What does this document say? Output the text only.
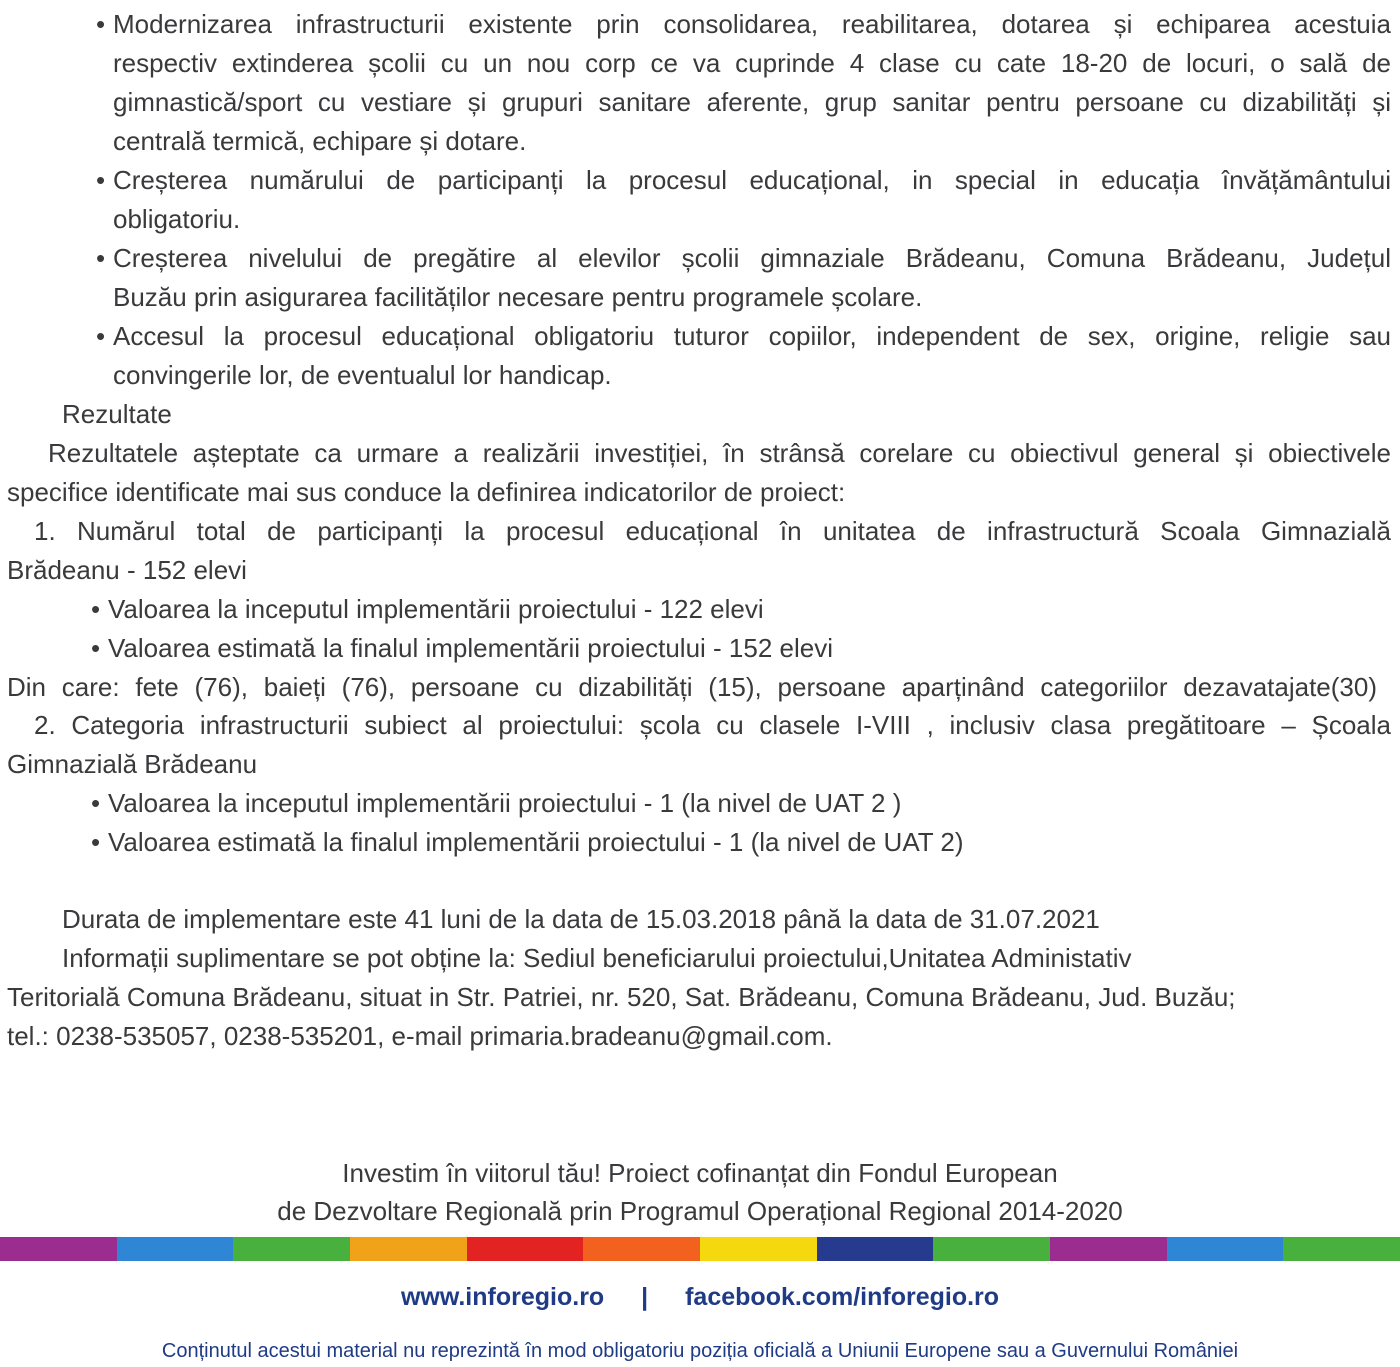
• Modernizarea infrastructurii existente prin consolidarea, reabilitarea, dotarea și echiparea acestuia
respectiv extinderea școlii cu un nou corp ce va cuprinde 4 clase cu cate 18-20 de locuri, o sală de
gimnastică/sport cu vestiare și grupuri sanitare aferente, grup sanitar pentru persoane cu dizabilități și
centrală termică, echipare și dotare.
• Creșterea numărului de participanți la procesul educațional, in special in educația învățământului
obligatoriu.
• Creșterea nivelului de pregătire al elevilor școlii gimnaziale Brădeanu, Comuna Brădeanu, Județul
Buzău prin asigurarea facilităților necesare pentru programele școlare.
• Accesul la procesul educațional obligatoriu tuturor copiilor, independent de sex, origine, religie sau
convingerile lor, de eventualul lor handicap.
Rezultate
Rezultatele așteptate ca urmare a realizării investiției, în strânsă corelare cu obiectivul general și obiectivele
specifice identificate mai sus conduce la definirea indicatorilor de proiect:
1. Numărul total de participanți la procesul educațional în unitatea de infrastructură Scoala Gimnazială
Brădeanu - 152 elevi
• Valoarea la inceputul implementării proiectului - 122 elevi
• Valoarea estimată la finalul implementării proiectului - 152 elevi
Din care: fete (76), baieți (76), persoane cu dizabilități (15), persoane aparținând categoriilor dezavatajate(30)
2. Categoria infrastructurii subiect al proiectului: școla cu clasele I-VIII , inclusiv clasa pregătitoare – Școala
Gimnazială Brădeanu
• Valoarea la inceputul implementării proiectului - 1 (la nivel de UAT 2 )
• Valoarea estimată la finalul implementării proiectului - 1 (la nivel de UAT 2)
Durata de implementare este 41 luni de la data de 15.03.2018 până la data de 31.07.2021
Informații suplimentare se pot obține la: Sediul beneficiarului proiectului,Unitatea Administativ
Teritorială Comuna Brădeanu, situat in Str. Patriei, nr. 520, Sat. Brădeanu, Comuna Brădeanu, Jud. Buzău;
tel.: 0238-535057, 0238-535201, e-mail primaria.bradeanu@gmail.com.
Investim în viitorul tău! Proiect cofinanțat din Fondul European
de Dezvoltare Regională prin Programul Operațional Regional 2014-2020
www.inforegio.ro | facebook.com/inforegio.ro
Conținutul acestui material nu reprezintă în mod obligatoriu poziția oficială a Uniunii Europene sau a Guvernului României
